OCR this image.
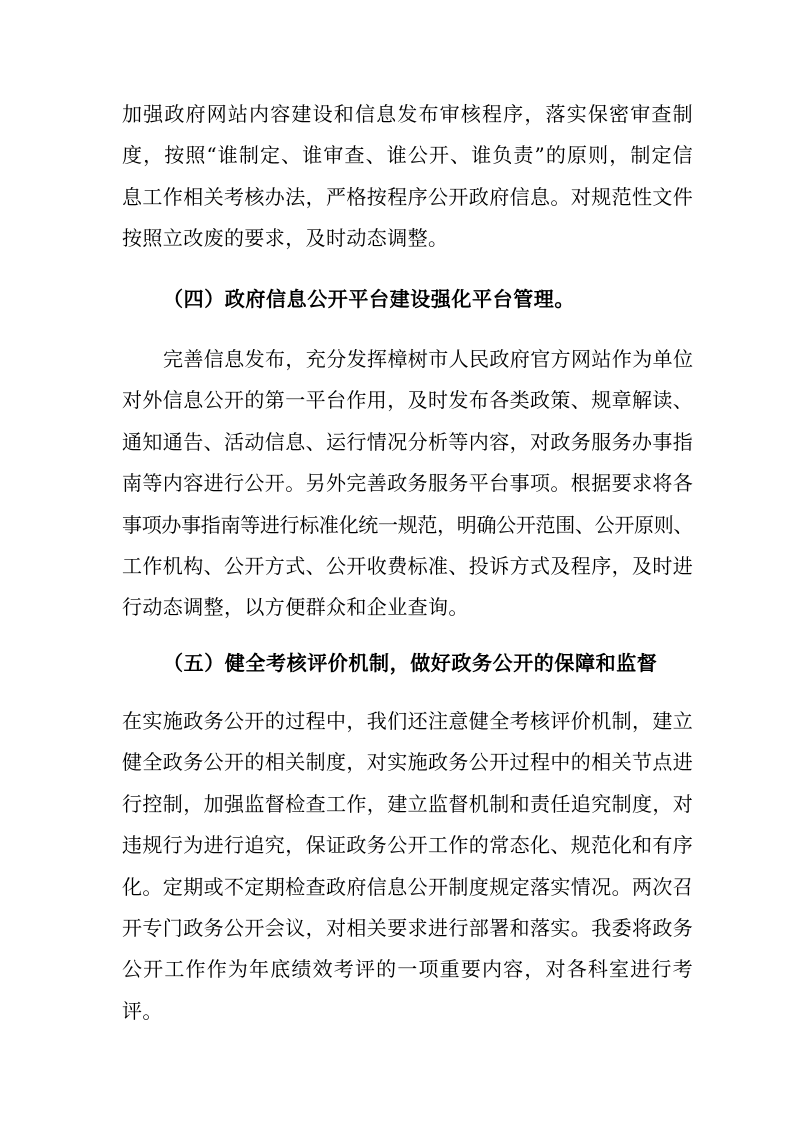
加强政府网站内容建设和信息发布审核程序，落实保密审查制
度，按照“谁制定、谁审查、谁公开、谁负责”的原则，制定信
息工作相关考核办法，严格按程序公开政府信息。对规范性文件
按照立改废的要求，及时动态调整。
（四）政府信息公开平台建设强化平台管理。
完善信息发布，充分发挥樟树市人民政府官方网站作为单位
对外信息公开的第一平台作用，及时发布各类政策、规章解读、
通知通告、活动信息、运行情况分析等内容，对政务服务办事指
南等内容进行公开。另外完善政务服务平台事项。根据要求将各
事项办事指南等进行标准化统一规范，明确公开范围、公开原则、
工作机构、公开方式、公开收费标准、投诉方式及程序，及时进
行动态调整，以方便群众和企业查询。
（五）健全考核评价机制，做好政务公开的保障和监督
在实施政务公开的过程中，我们还注意健全考核评价机制，建立
健全政务公开的相关制度，对实施政务公开过程中的相关节点进
行控制，加强监督检查工作，建立监督机制和责任追究制度，对
违规行为进行追究，保证政务公开工作的常态化、规范化和有序
化。定期或不定期检查政府信息公开制度规定落实情况。两次召
开专门政务公开会议，对相关要求进行部署和落实。我委将政务
公开工作作为年底绩效考评的一项重要内容，对各科室进行考
评。
